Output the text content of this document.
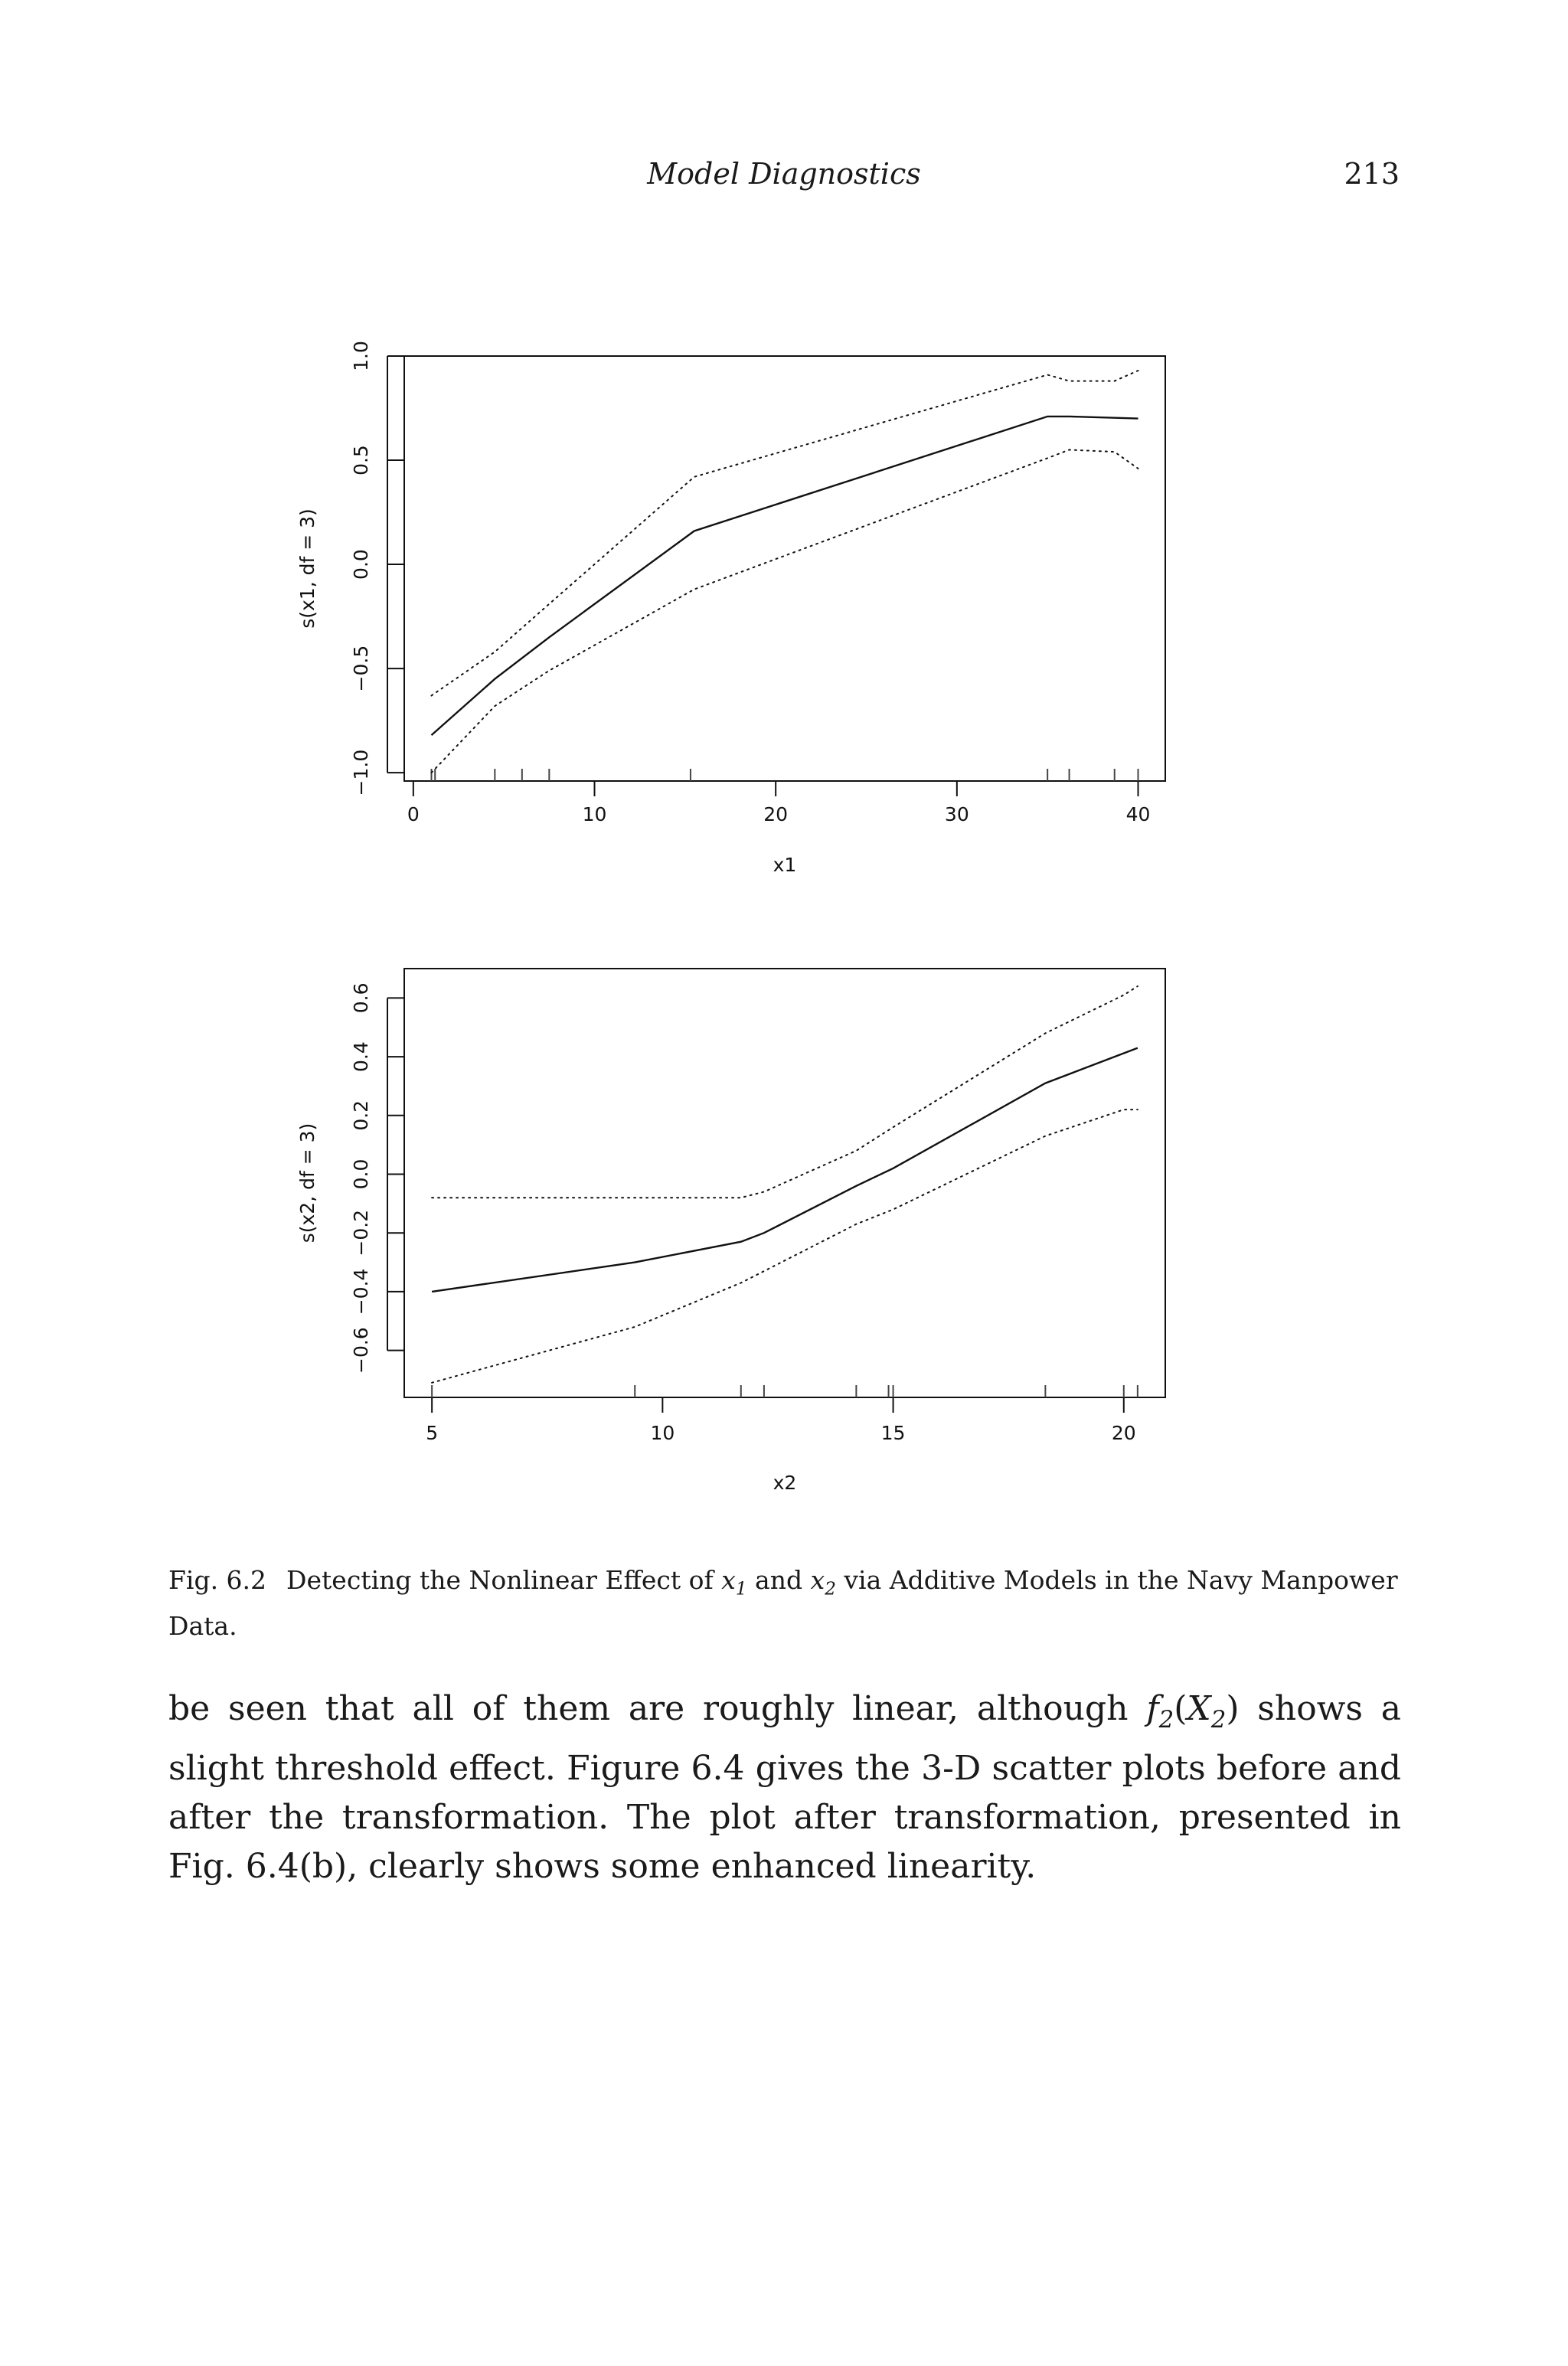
Model Diagnostics	213
0	10	20	30	40
−1.0
−0.5
0.0
0.5
1.0
x1
s(x1, df = 3)
5	10	15	20
−0.6
−0.4
−0.2
0.0
0.2
0.4
0.6
x2
s(x2, df = 3)
Fig. 6.2 Detecting the Nonlinear Effect of $x_1$ and $x_2$ via Additive Models in the Navy Manpower Data.
be seen that all of them are roughly linear, although $f_2(X_2)$ shows a slight threshold effect. Figure 6.4 gives the 3-D scatter plots before and after the transformation. The plot after transformation, presented in Fig. 6.4(b), clearly shows some enhanced linearity.
